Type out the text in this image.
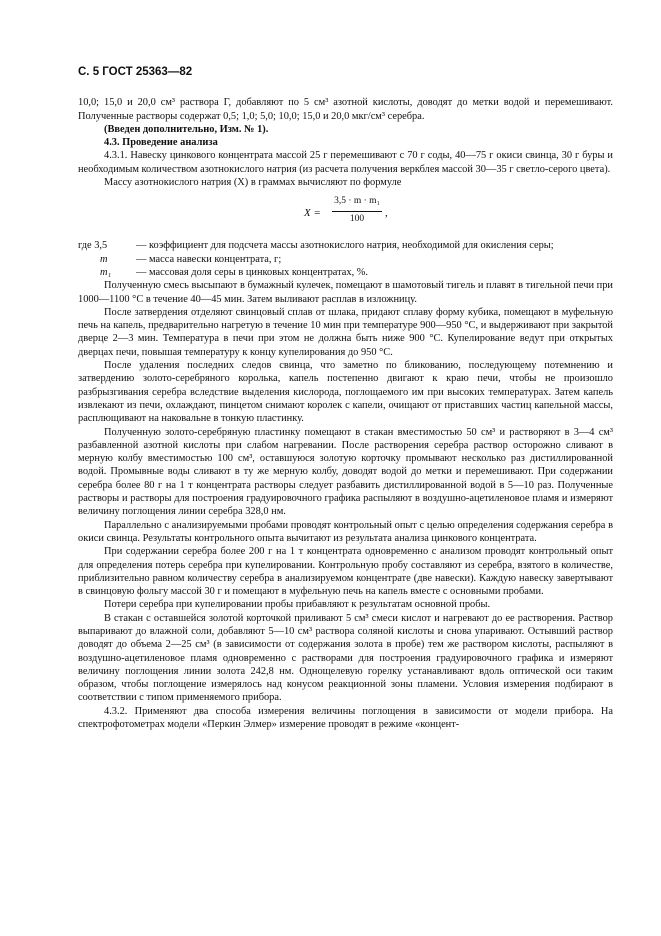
С. 5 ГОСТ 25363—82

10,0; 15,0 и 20,0 см³ раствора Г, добавляют по 5 см³ азотной кислоты, доводят до метки водой и перемешивают. Полученные растворы содержат 0,5; 1,0; 5,0; 10,0; 15,0 и 20,0 мкг/см³ серебра.

(Введен дополнительно, Изм. № 1).

4.3. Проведение анализа

4.3.1. Навеску цинкового концентрата массой 25 г перемешивают с 70 г соды, 40—75 г окиси свинца, 30 г буры и необходимым количеством азотнокислого натрия (из расчета получения веркблея массой 30—35 г светло-серого цвета).

Массу азотнокислого натрия (X) в граммах вычисляют по формуле

$X = \frac{\text{3,5 · m · m₁}}{100}$ ,
где 3,5	— коэффициент для подсчета массы азотнокислого натрия, необходимой для окисления серы;
m	— масса навески концентрата, г;
m₁ — массовая доля серы в цинковых концентратах, %.

Полученную смесь высыпают в бумажный кулечек, помещают в шамотовый тигель и плавят в тигельной печи при 1000—1100 °С в течение 40—45 мин. Затем выливают расплав в изложницу.

После затвердения отделяют свинцовый сплав от шлака, придают сплаву форму кубика, помещают в муфельную печь на капель, предварительно нагретую в течение 10 мин при температуре 900—950 °С, и выдерживают при закрытой дверце 2—3 мин. Температура в печи при этом не должна быть ниже 900 °С. Купелирование ведут при открытых дверцах печи, повышая температуру к концу купелирования до 950 °С.

После удаления последних следов свинца, что заметно по бликованию, последующему потемнению и затвердению золото-серебряного королька, капель постепенно двигают к краю печи, чтобы не произошло разбрызгивания серебра вследствие выделения кислорода, поглощаемого им при высоких температурах. Затем капель извлекают из печи, охлаждают, пинцетом снимают королек с капели, очищают от приставших частиц капельной массы, расплющивают на наковальне в тонкую пластинку.

Полученную золото-серебряную пластинку помещают в стакан вместимостью 50 см³ и растворяют в 3—4 см³ разбавленной азотной кислоты при слабом нагревании. После растворения серебра раствор осторожно сливают в мерную колбу вместимостью 100 см³, оставшуюся золотую корточку промывают несколько раз дистиллированной водой. Промывные воды сливают в ту же мерную колбу, доводят водой до метки и перемешивают. При содержании серебра более 80 г на 1 т концентрата растворы следует разбавить дистиллированной водой в 5—10 раз. Полученные растворы и растворы для построения градуировочного графика распыляют в воздушно-ацетиленовое пламя и измеряют величину поглощения линии серебра 328,0 нм.

Параллельно с анализируемыми пробами проводят контрольный опыт с целью определения содержания серебра в окиси свинца. Результаты контрольного опыта вычитают из результата анализа цинкового концентрата.

При содержании серебра более 200 г на 1 т концентрата одновременно с анализом проводят контрольный опыт для определения потерь серебра при купелировании. Контрольную пробу составляют из серебра, взятого в количестве, приблизительно равном количеству серебра в анализируемом концентрате (две навески). Каждую навеску завертывают в свинцовую фольгу массой 30 г и помещают в муфельную печь на капель вместе с основными пробами.

Потери серебра при купелировании пробы прибавляют к результатам основной пробы.

В стакан с оставшейся золотой корточкой приливают 5 см³ смеси кислот и нагревают до ее растворения. Раствор выпаривают до влажной соли, добавляют 5—10 см³ раствора соляной кислоты и снова упаривают. Остывший раствор доводят до объема 2—25 см³ (в зависимости от содержания золота в пробе) тем же раствором кислоты, распыляют в воздушно-ацетиленовое пламя одновременно с растворами для построения градуировочного графика и измеряют величину поглощения линии золота 242,8 нм. Однощелевую горелку устанавливают вдоль оптической оси таким образом, чтобы поглощение измерялось над конусом реакционной зоны пламени. Условия измерения подбирают в соответствии с типом применяемого прибора.

4.3.2. Применяют два способа измерения величины поглощения в зависимости от модели прибора. На спектрофотометрах модели «Перкин Элмер» измерение проводят в режиме «концент-
